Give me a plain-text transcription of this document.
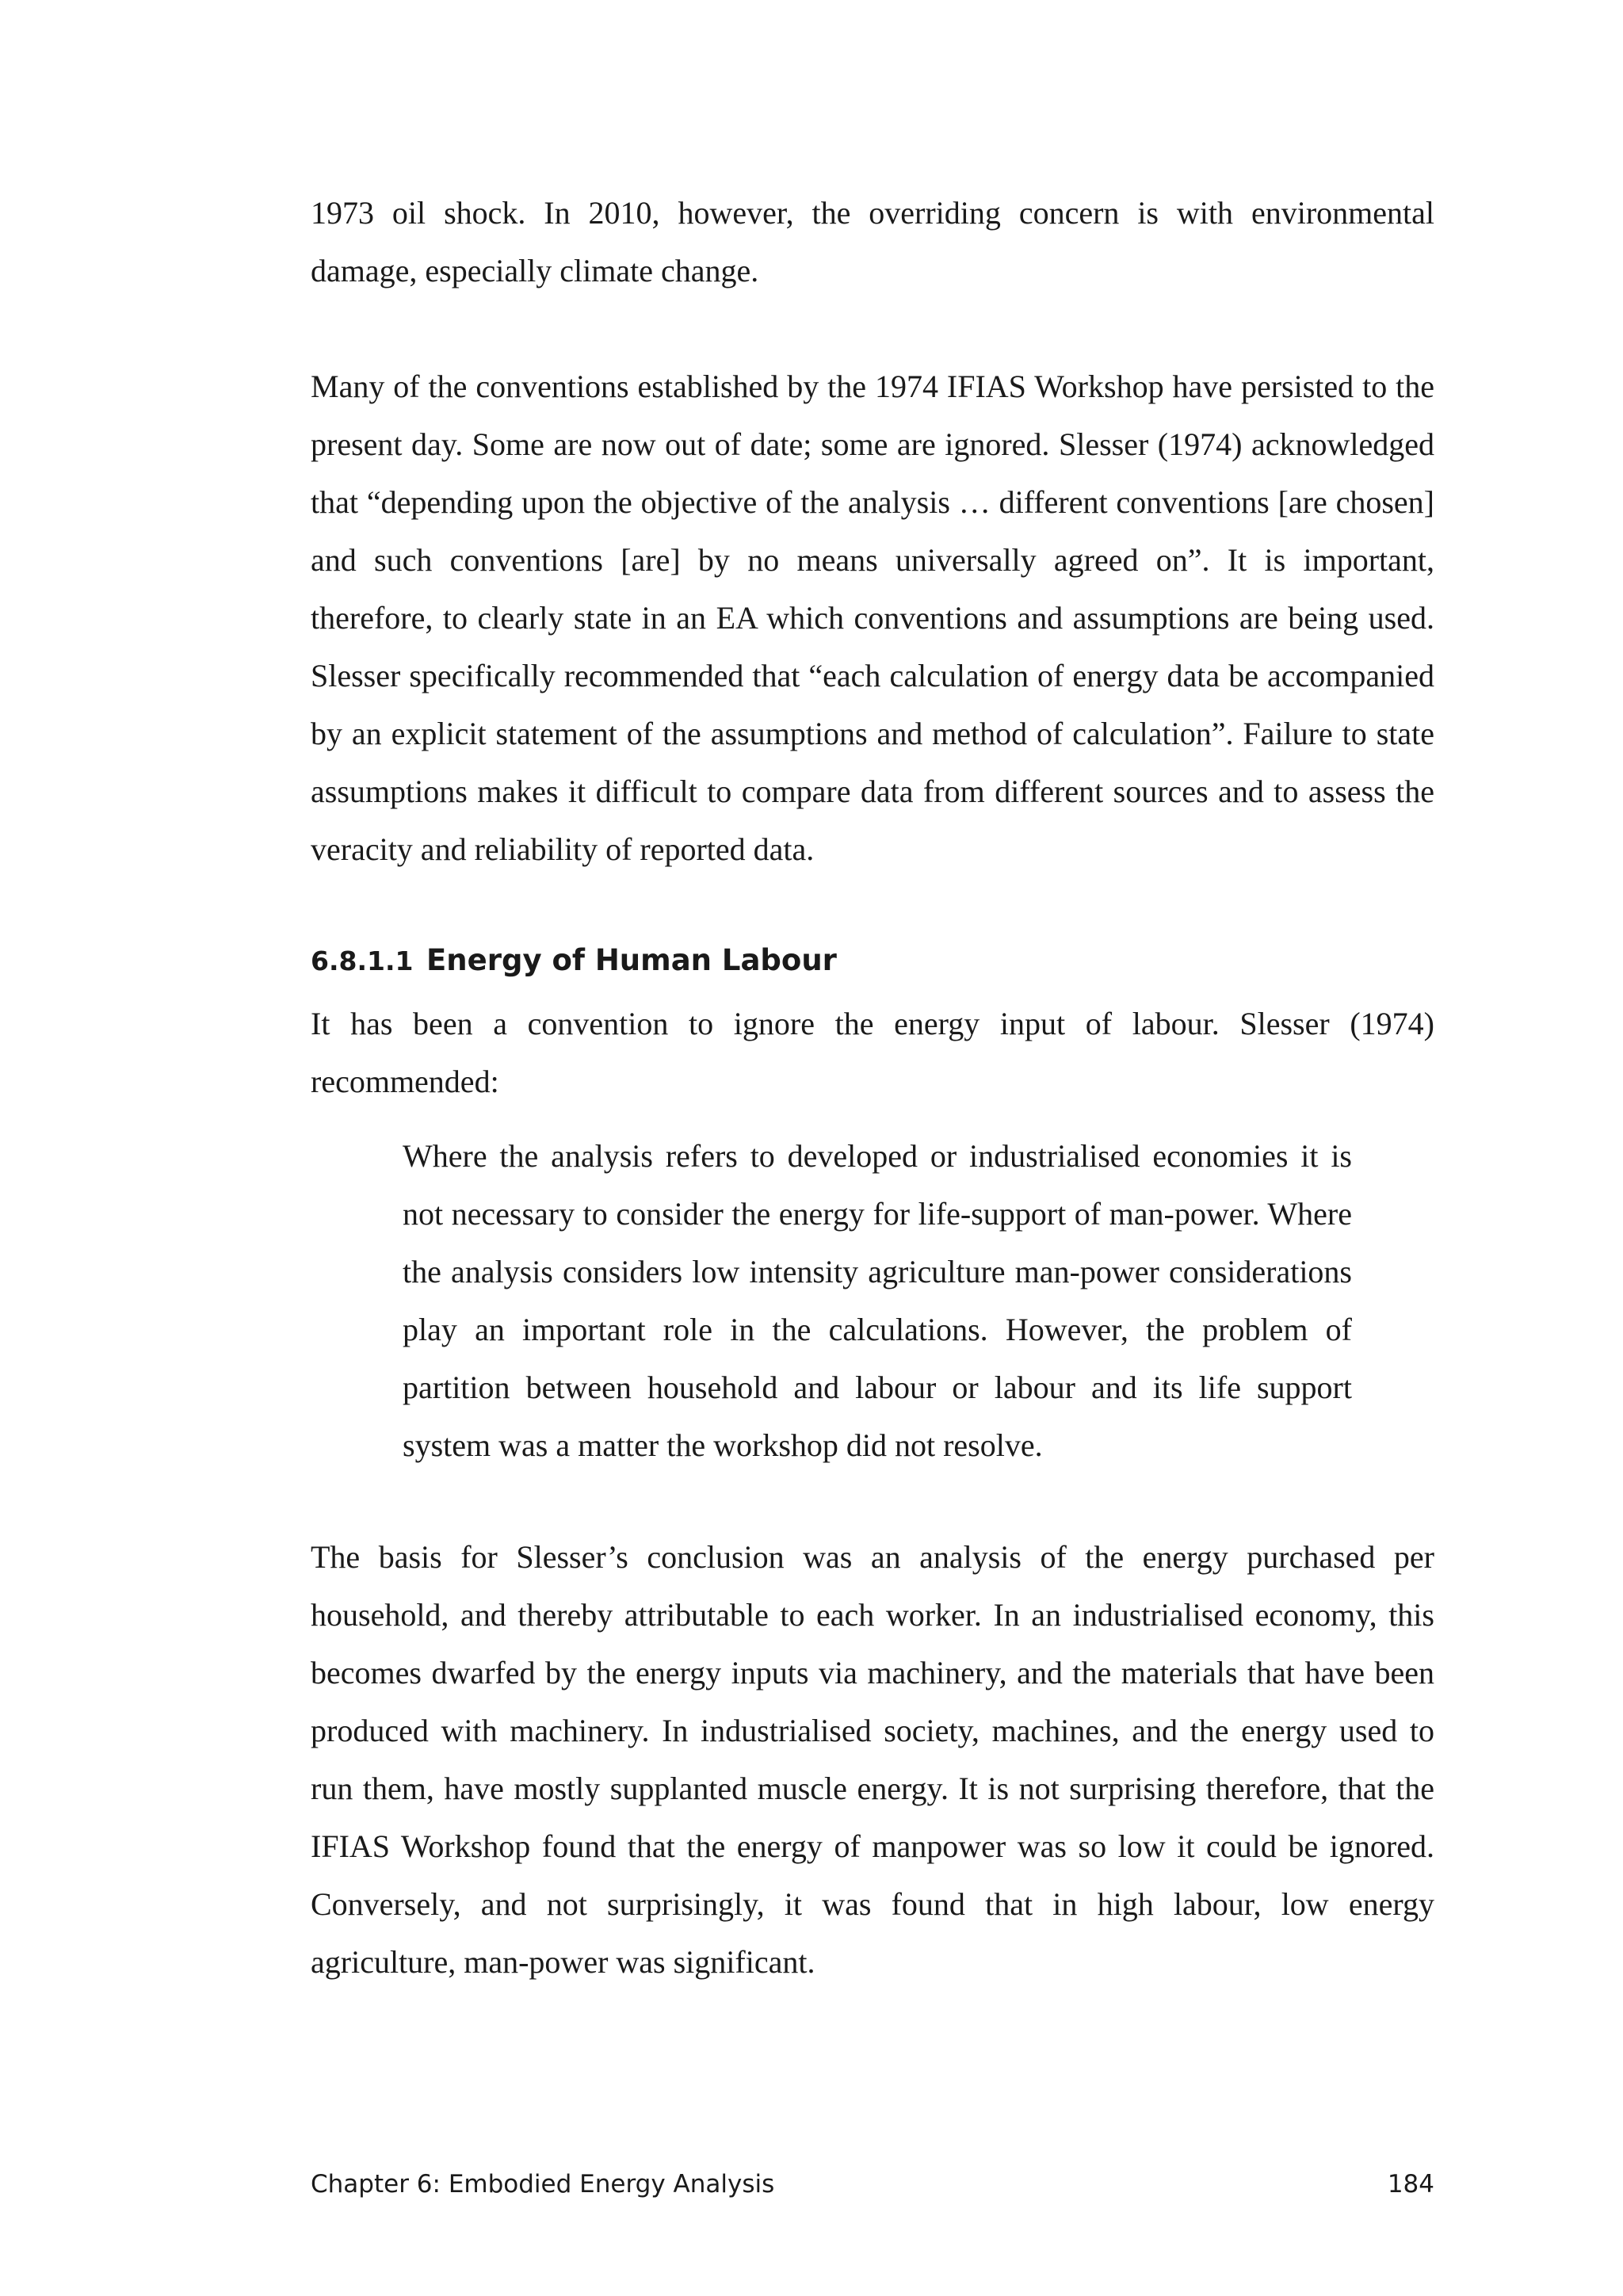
1973 oil shock. In 2010, however, the overriding concern is with environmental damage, especially climate change.

Many of the conventions established by the 1974 IFIAS Workshop have persisted to the present day. Some are now out of date; some are ignored. Slesser (1974) acknowledged that “depending upon the objective of the analysis … different conventions [are chosen] and such conventions [are] by no means universally agreed on”. It is important, therefore, to clearly state in an EA which conventions and assumptions are being used. Slesser specifically recommended that “each calculation of energy data be accompanied by an explicit statement of the assumptions and method of calculation”. Failure to state assumptions makes it difficult to compare data from different sources and to assess the veracity and reliability of reported data.

6.8.1.1 Energy of Human Labour

It has been a convention to ignore the energy input of labour. Slesser (1974) recommended:

Where the analysis refers to developed or industrialised economies it is not necessary to consider the energy for life-support of man-power. Where the analysis considers low intensity agriculture man-power considerations play an important role in the calculations. However, the problem of partition between household and labour or labour and its life support system was a matter the workshop did not resolve.

The basis for Slesser’s conclusion was an analysis of the energy purchased per household, and thereby attributable to each worker. In an industrialised economy, this becomes dwarfed by the energy inputs via machinery, and the materials that have been produced with machinery. In industrialised society, machines, and the energy used to run them, have mostly supplanted muscle energy. It is not surprising therefore, that the IFIAS Workshop found that the energy of manpower was so low it could be ignored. Conversely, and not surprisingly, it was found that in high labour, low energy agriculture, man-power was significant.

Chapter 6: Embodied Energy Analysis	184
